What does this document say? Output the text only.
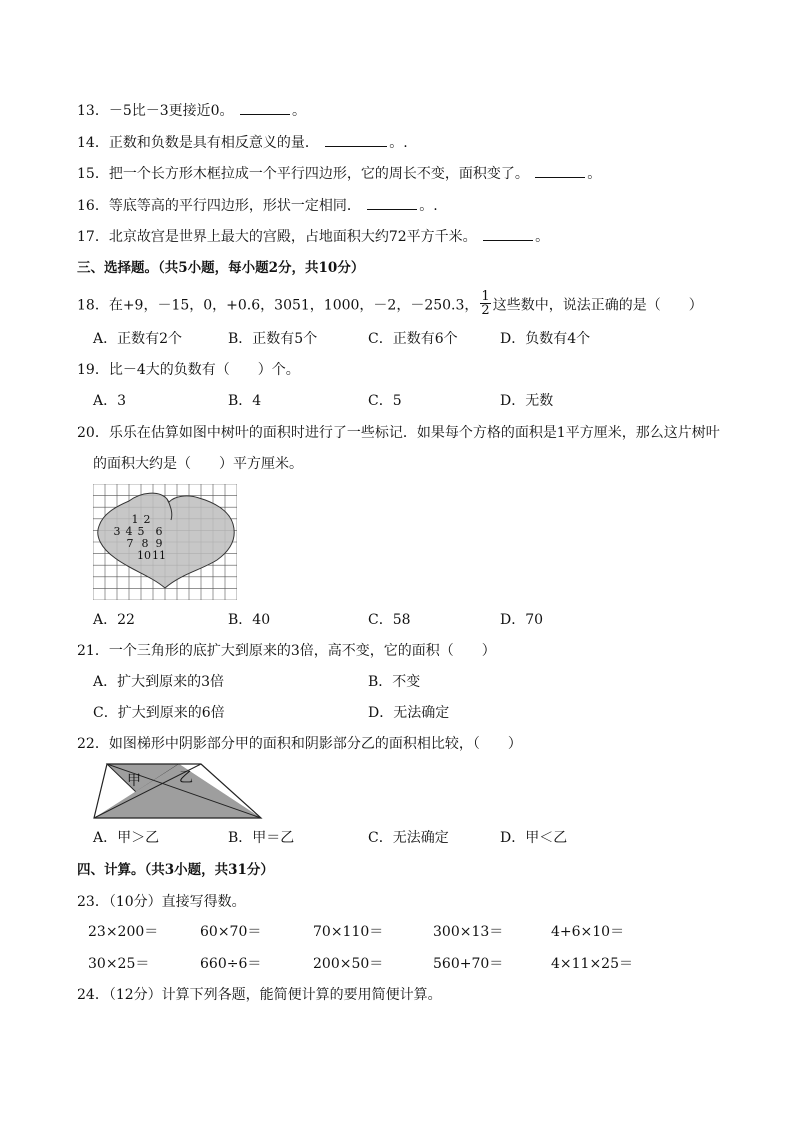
13．－5比－3更接近0。	。
14．正数和负数是具有相反意义的量．	。.
15．把一个长方形木框拉成一个平行四边形，它的周长不变，面积变了。	。
16．等底等高的平行四边形，形状一定相同．	。.
17．北京故宫是世界上最大的宫殿，占地面积大约72平方千米。	。
三、选择题。（共5小题，每小题2分，共10分）
18．在+9，－15，0，+0.6，3051，1000，－2，－250.3， $\frac{1}{2}$ 这些数中，说法正确的是（　　）
A．正数有2个	B．正数有5个	C．正数有6个	D．负数有4个
19．比－4大的负数有（　　）个。
A．3	B．4	C．5	D．无数
20．乐乐在估算如图中树叶的面积时进行了一些标记．如果每个方格的面积是1平方厘米，那么这片树叶
的面积大约是（　　）平方厘米。
1 2
3 4 5 6
7 8 9
10 11
A．22	B．40	C．58	D．70
21．一个三角形的底扩大到原来的3倍，高不变，它的面积（　　）
A．扩大到原来的3倍	B．不变
C．扩大到原来的6倍	D．无法确定
22．如图梯形中阴影部分甲的面积和阴影部分乙的面积相比较，（　　）
甲	乙
A．甲＞乙	B．甲＝乙	C．无法确定	D．甲＜乙
四、计算。（共3小题，共31分）
23．（10分）直接写得数。
23×200＝	60×70＝	70×110＝	300×13＝	4+6×10＝
30×25＝	660÷6＝	200×50＝	560+70＝	4×11×25＝
24．（12分）计算下列各题，能简便计算的要用简便计算。
